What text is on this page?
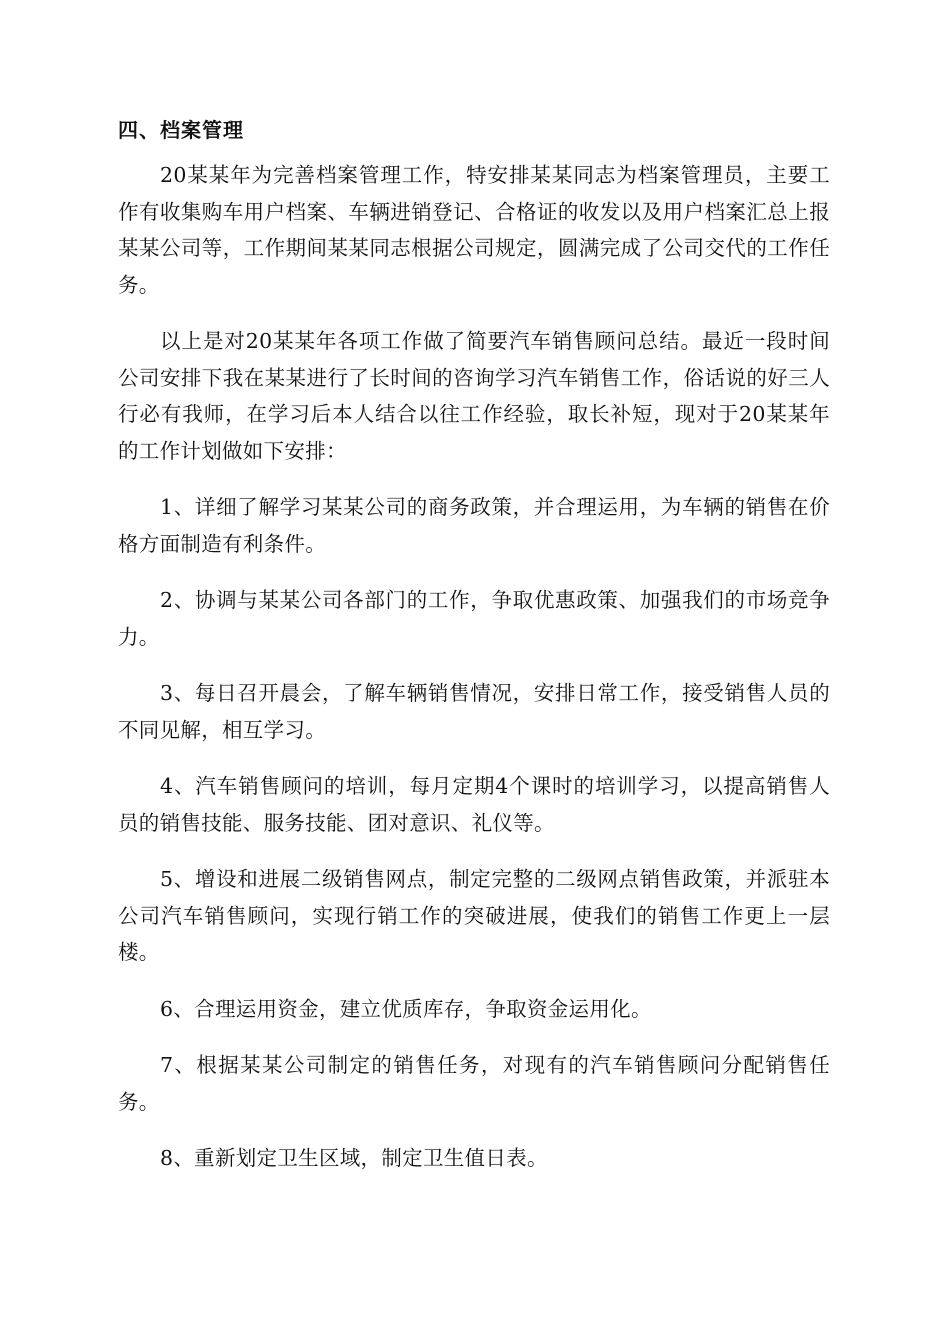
四、档案管理

20某某年为完善档案管理工作，特安排某某同志为档案管理员，主要工作有收集购车用户档案、车辆进销登记、合格证的收发以及用户档案汇总上报某某公司等，工作期间某某同志根据公司规定，圆满完成了公司交代的工作任务。

以上是对20某某年各项工作做了简要汽车销售顾问总结。最近一段时间公司安排下我在某某进行了长时间的咨询学习汽车销售工作，俗话说的好三人行必有我师，在学习后本人结合以往工作经验，取长补短，现对于20某某年的工作计划做如下安排：

1、详细了解学习某某公司的商务政策，并合理运用，为车辆的销售在价格方面制造有利条件。

2、协调与某某公司各部门的工作，争取优惠政策、加强我们的市场竞争力。

3、每日召开晨会，了解车辆销售情况，安排日常工作，接受销售人员的不同见解，相互学习。

4、汽车销售顾问的培训，每月定期4个课时的培训学习，以提高销售人员的销售技能、服务技能、团对意识、礼仪等。

5、增设和进展二级销售网点，制定完整的二级网点销售政策，并派驻本公司汽车销售顾问，实现行销工作的突破进展，使我们的销售工作更上一层楼。

6、合理运用资金，建立优质库存，争取资金运用化。

7、根据某某公司制定的销售任务，对现有的汽车销售顾问分配销售任务。

8、重新划定卫生区域，制定卫生值日表。
